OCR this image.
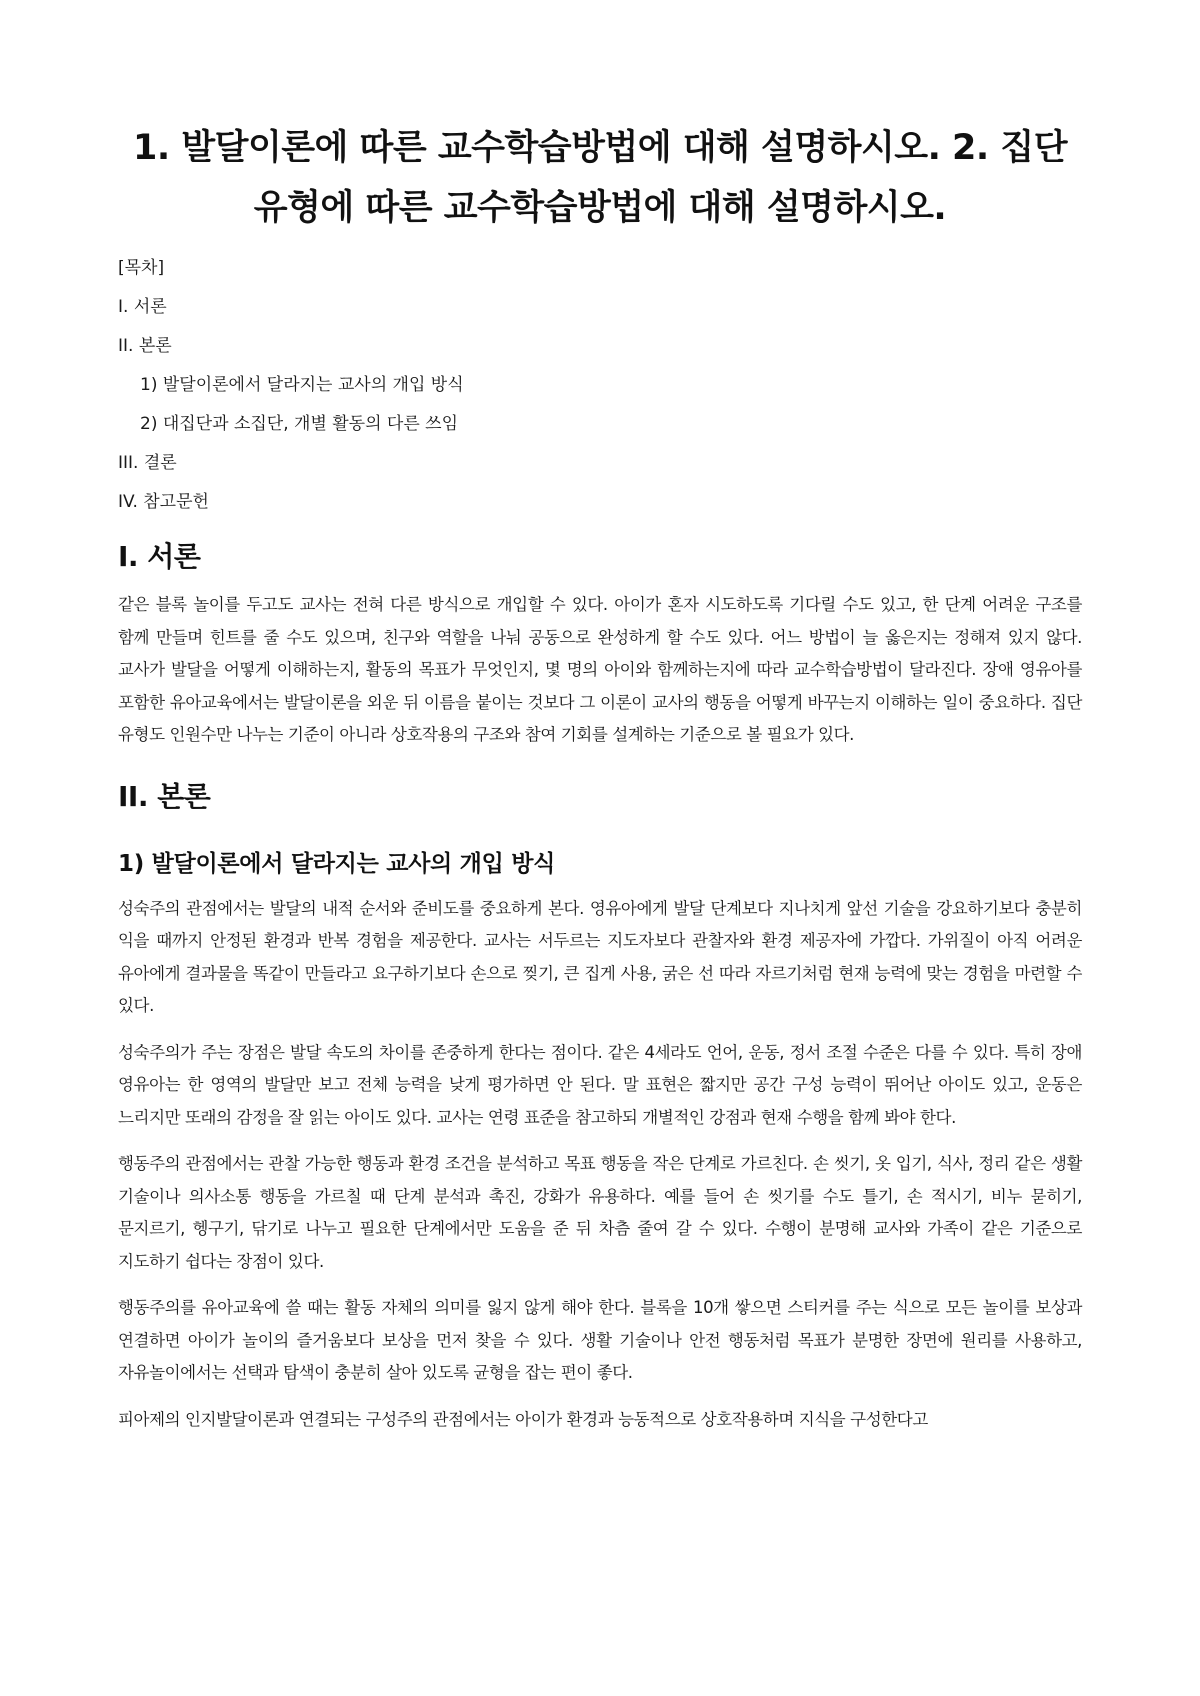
1. 발달이론에 따른 교수학습방법에 대해 설명하시오. 2. 집단 유형에 따른 교수학습방법에 대해 설명하시오.
[목차]
I. 서론
II. 본론
1) 발달이론에서 달라지는 교사의 개입 방식
2) 대집단과 소집단, 개별 활동의 다른 쓰임
III. 결론
IV. 참고문헌
I. 서론

같은 블록 놀이를 두고도 교사는 전혀 다른 방식으로 개입할 수 있다. 아이가 혼자 시도하도록 기다릴 수도 있고, 한 단계 어려운 구조를 함께 만들며 힌트를 줄 수도 있으며, 친구와 역할을 나눠 공동으로 완성하게 할 수도 있다. 어느 방법이 늘 옳은지는 정해져 있지 않다. 교사가 발달을 어떻게 이해하는지, 활동의 목표가 무엇인지, 몇 명의 아이와 함께하는지에 따라 교수학습방법이 달라진다. 장애 영유아를 포함한 유아교육에서는 발달이론을 외운 뒤 이름을 붙이는 것보다 그 이론이 교사의 행동을 어떻게 바꾸는지 이해하는 일이 중요하다. 집단 유형도 인원수만 나누는 기준이 아니라 상호작용의 구조와 참여 기회를 설계하는 기준으로 볼 필요가 있다.

II. 본론
1) 발달이론에서 달라지는 교사의 개입 방식

성숙주의 관점에서는 발달의 내적 순서와 준비도를 중요하게 본다. 영유아에게 발달 단계보다 지나치게 앞선 기술을 강요하기보다 충분히 익을 때까지 안정된 환경과 반복 경험을 제공한다. 교사는 서두르는 지도자보다 관찰자와 환경 제공자에 가깝다. 가위질이 아직 어려운 유아에게 결과물을 똑같이 만들라고 요구하기보다 손으로 찢기, 큰 집게 사용, 굵은 선 따라 자르기처럼 현재 능력에 맞는 경험을 마련할 수 있다.

성숙주의가 주는 장점은 발달 속도의 차이를 존중하게 한다는 점이다. 같은 4세라도 언어, 운동, 정서 조절 수준은 다를 수 있다. 특히 장애 영유아는 한 영역의 발달만 보고 전체 능력을 낮게 평가하면 안 된다. 말 표현은 짧지만 공간 구성 능력이 뛰어난 아이도 있고, 운동은 느리지만 또래의 감정을 잘 읽는 아이도 있다. 교사는 연령 표준을 참고하되 개별적인 강점과 현재 수행을 함께 봐야 한다.

행동주의 관점에서는 관찰 가능한 행동과 환경 조건을 분석하고 목표 행동을 작은 단계로 가르친다. 손 씻기, 옷 입기, 식사, 정리 같은 생활 기술이나 의사소통 행동을 가르칠 때 단계 분석과 촉진, 강화가 유용하다. 예를 들어 손 씻기를 수도 틀기, 손 적시기, 비누 묻히기, 문지르기, 헹구기, 닦기로 나누고 필요한 단계에서만 도움을 준 뒤 차츰 줄여 갈 수 있다. 수행이 분명해 교사와 가족이 같은 기준으로 지도하기 쉽다는 장점이 있다.

행동주의를 유아교육에 쓸 때는 활동 자체의 의미를 잃지 않게 해야 한다. 블록을 10개 쌓으면 스티커를 주는 식으로 모든 놀이를 보상과 연결하면 아이가 놀이의 즐거움보다 보상을 먼저 찾을 수 있다. 생활 기술이나 안전 행동처럼 목표가 분명한 장면에 원리를 사용하고, 자유놀이에서는 선택과 탐색이 충분히 살아 있도록 균형을 잡는 편이 좋다.

피아제의 인지발달이론과 연결되는 구성주의 관점에서는 아이가 환경과 능동적으로 상호작용하며 지식을 구성한다고
